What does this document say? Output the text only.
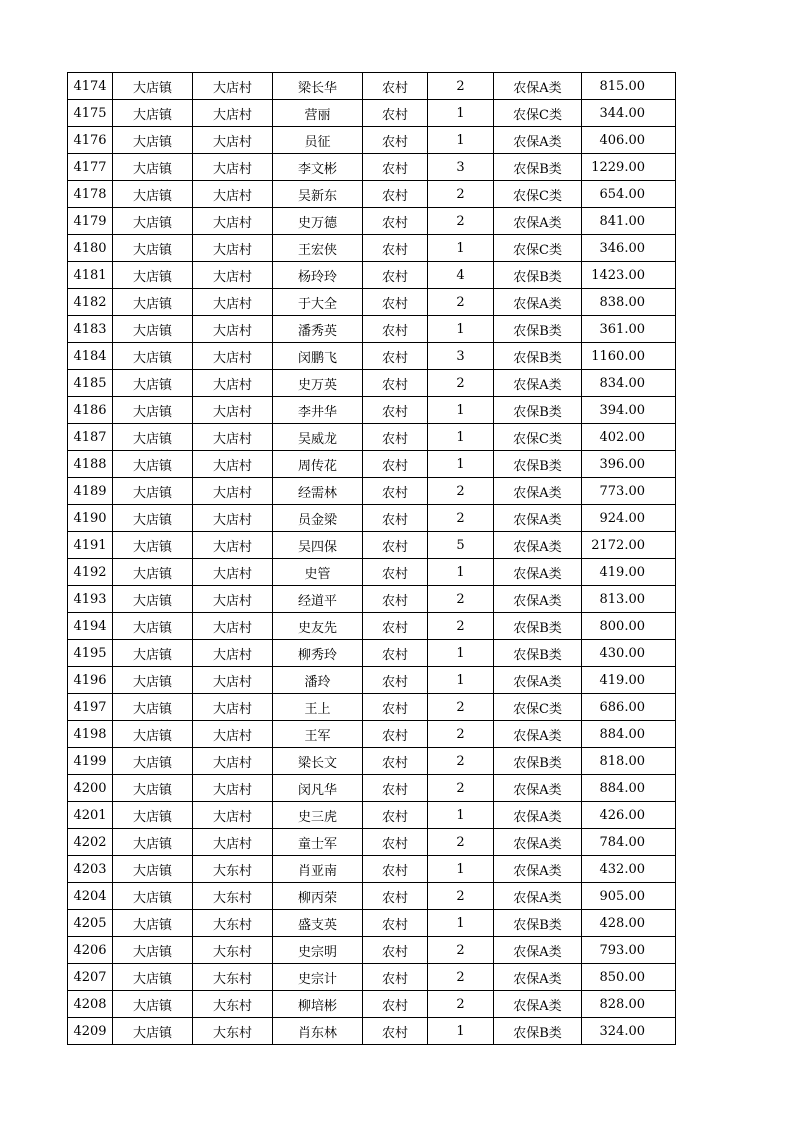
4174	大店镇	大店村	梁长华	农村	2	农保A类	815.00
4175	大店镇	大店村	营丽	农村	1	农保C类	344.00
4176	大店镇	大店村	员征	农村	1	农保A类	406.00
4177	大店镇	大店村	李文彬	农村	3	农保B类	1229.00
4178	大店镇	大店村	吴新东	农村	2	农保C类	654.00
4179	大店镇	大店村	史万德	农村	2	农保A类	841.00
4180	大店镇	大店村	王宏侠	农村	1	农保C类	346.00
4181	大店镇	大店村	杨玲玲	农村	4	农保B类	1423.00
4182	大店镇	大店村	于大全	农村	2	农保A类	838.00
4183	大店镇	大店村	潘秀英	农村	1	农保B类	361.00
4184	大店镇	大店村	闵鹏飞	农村	3	农保B类	1160.00
4185	大店镇	大店村	史万英	农村	2	农保A类	834.00
4186	大店镇	大店村	李井华	农村	1	农保B类	394.00
4187	大店镇	大店村	吴威龙	农村	1	农保C类	402.00
4188	大店镇	大店村	周传花	农村	1	农保B类	396.00
4189	大店镇	大店村	经需林	农村	2	农保A类	773.00
4190	大店镇	大店村	员金梁	农村	2	农保A类	924.00
4191	大店镇	大店村	吴四保	农村	5	农保A类	2172.00
4192	大店镇	大店村	史管	农村	1	农保A类	419.00
4193	大店镇	大店村	经道平	农村	2	农保A类	813.00
4194	大店镇	大店村	史友先	农村	2	农保B类	800.00
4195	大店镇	大店村	柳秀玲	农村	1	农保B类	430.00
4196	大店镇	大店村	潘玲	农村	1	农保A类	419.00
4197	大店镇	大店村	王上	农村	2	农保C类	686.00
4198	大店镇	大店村	王军	农村	2	农保A类	884.00
4199	大店镇	大店村	梁长文	农村	2	农保B类	818.00
4200	大店镇	大店村	闵凡华	农村	2	农保A类	884.00
4201	大店镇	大店村	史三虎	农村	1	农保A类	426.00
4202	大店镇	大店村	童士军	农村	2	农保A类	784.00
4203	大店镇	大东村	肖亚南	农村	1	农保A类	432.00
4204	大店镇	大东村	柳丙荣	农村	2	农保A类	905.00
4205	大店镇	大东村	盛支英	农村	1	农保B类	428.00
4206	大店镇	大东村	史宗明	农村	2	农保A类	793.00
4207	大店镇	大东村	史宗计	农村	2	农保A类	850.00
4208	大店镇	大东村	柳培彬	农村	2	农保A类	828.00
4209	大店镇	大东村	肖东林	农村	1	农保B类	324.00
